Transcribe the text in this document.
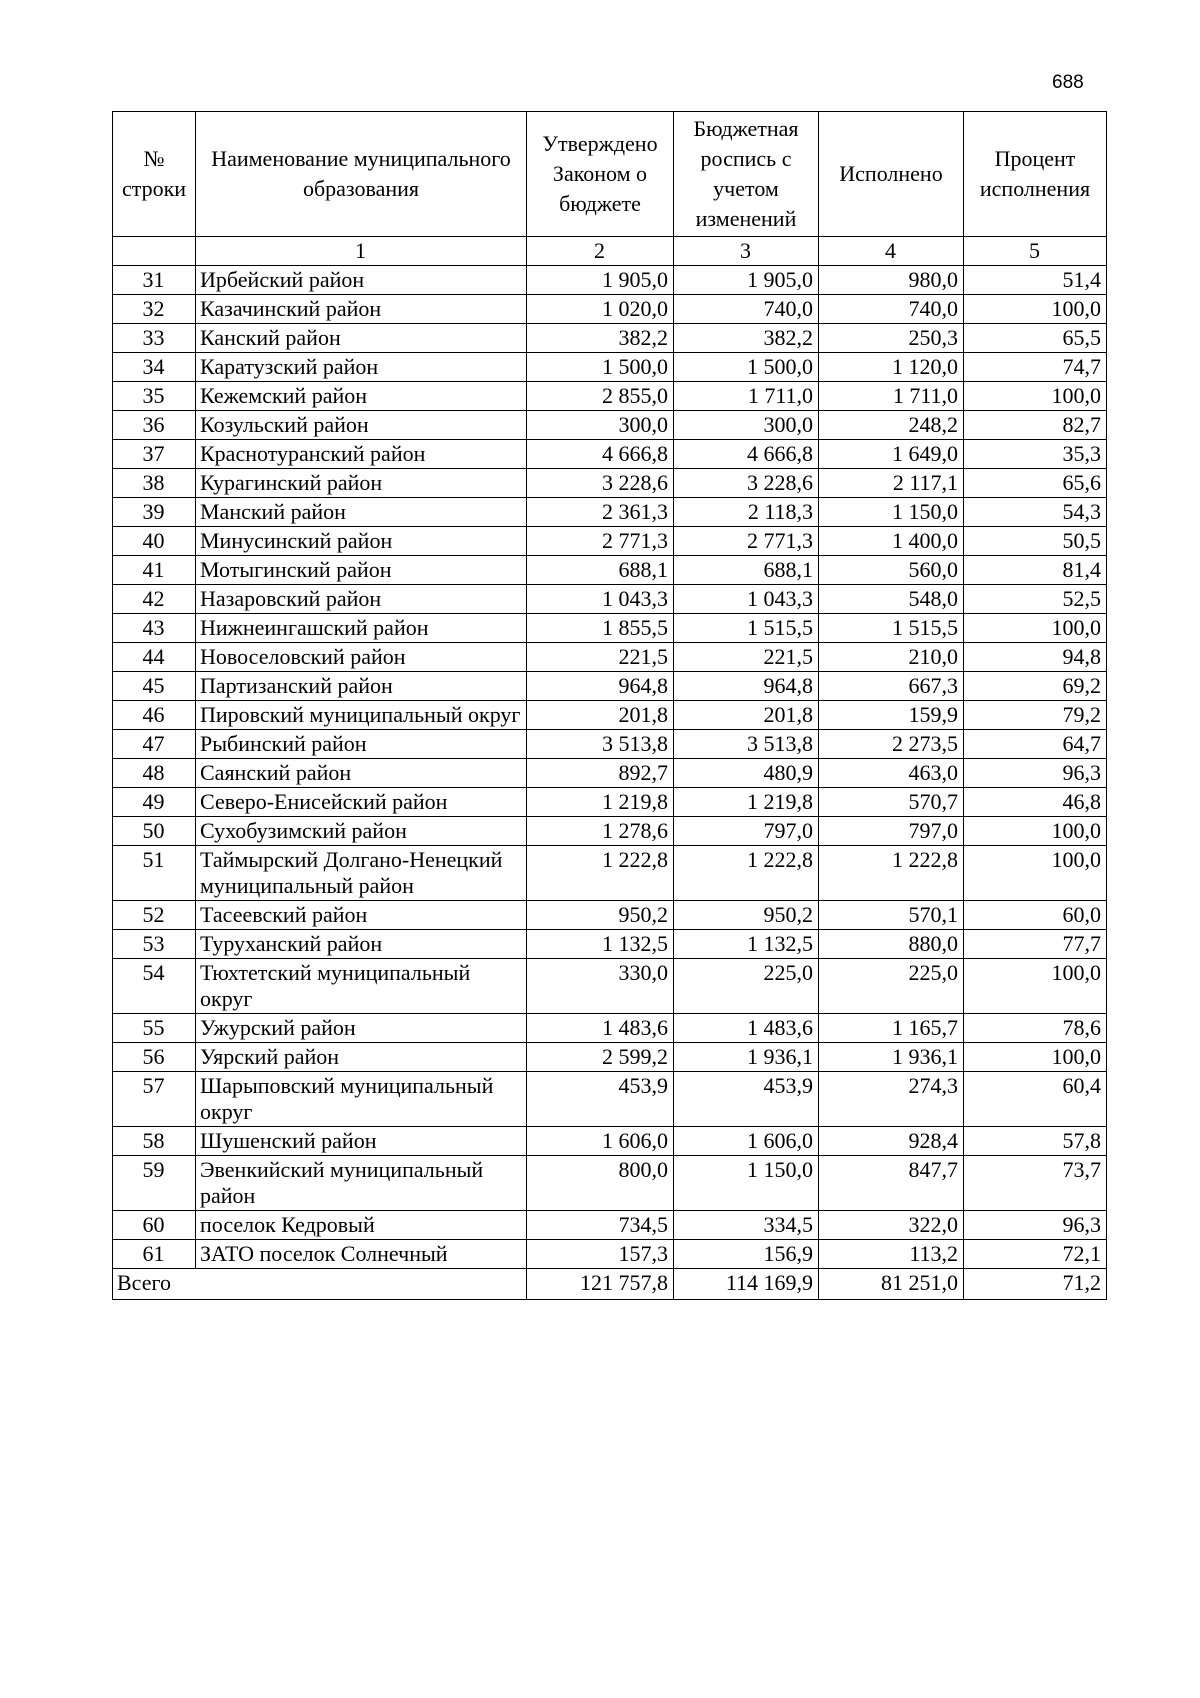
688
№ строки	Наименование муниципального образования	Утверждено Законом о бюджете	Бюджетная роспись с учетом изменений	Исполнено	Процент исполнения
	1	2	3	4	5
31	Ирбейский район	1 905,0	1 905,0	980,0	51,4
32	Казачинский район	1 020,0	740,0	740,0	100,0
33	Канский район	382,2	382,2	250,3	65,5
34	Каратузский район	1 500,0	1 500,0	1 120,0	74,7
35	Кежемский район	2 855,0	1 711,0	1 711,0	100,0
36	Козульский район	300,0	300,0	248,2	82,7
37	Краснотуранский район	4 666,8	4 666,8	1 649,0	35,3
38	Курагинский район	3 228,6	3 228,6	2 117,1	65,6
39	Манский район	2 361,3	2 118,3	1 150,0	54,3
40	Минусинский район	2 771,3	2 771,3	1 400,0	50,5
41	Мотыгинский район	688,1	688,1	560,0	81,4
42	Назаровский район	1 043,3	1 043,3	548,0	52,5
43	Нижнеингашский район	1 855,5	1 515,5	1 515,5	100,0
44	Новоселовский район	221,5	221,5	210,0	94,8
45	Партизанский район	964,8	964,8	667,3	69,2
46	Пировский муниципальный округ	201,8	201,8	159,9	79,2
47	Рыбинский район	3 513,8	3 513,8	2 273,5	64,7
48	Саянский район	892,7	480,9	463,0	96,3
49	Северо-Енисейский район	1 219,8	1 219,8	570,7	46,8
50	Сухобузимский район	1 278,6	797,0	797,0	100,0
51	Таймырский Долгано-Ненецкий муниципальный район	1 222,8	1 222,8	1 222,8	100,0
52	Тасеевский район	950,2	950,2	570,1	60,0
53	Туруханский район	1 132,5	1 132,5	880,0	77,7
54	Тюхтетский муниципальный округ	330,0	225,0	225,0	100,0
55	Ужурский район	1 483,6	1 483,6	1 165,7	78,6
56	Уярский район	2 599,2	1 936,1	1 936,1	100,0
57	Шарыповский муниципальный округ	453,9	453,9	274,3	60,4
58	Шушенский район	1 606,0	1 606,0	928,4	57,8
59	Эвенкийский муниципальный район	800,0	1 150,0	847,7	73,7
60	поселок Кедровый	734,5	334,5	322,0	96,3
61	ЗАТО поселок Солнечный	157,3	156,9	113,2	72,1
Всего		121 757,8	114 169,9	81 251,0	71,2
